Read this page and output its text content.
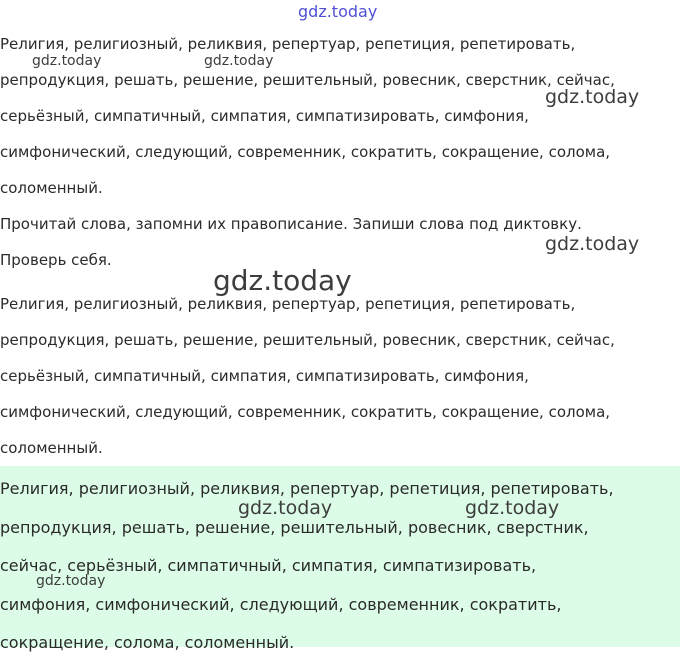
Религия, религиозный, реликвия, репертуар, репетиция, репетировать,
репродукция, решать, решение, решительный, ровесник, сверстник, сейчас,
серьёзный, симпатичный, симпатия, симпатизировать, симфония,
симфонический, следующий, современник, сократить, сокращение, солома,
соломенный.

Прочитай слова, запомни их правописание. Запиши слова под диктовку.
Проверь себя.

Религия, религиозный, реликвия, репертуар, репетиция, репетировать,
репродукция, решать, решение, решительный, ровесник, сверстник, сейчас,
серьёзный, симпатичный, симпатия, симпатизировать, симфония,
симфонический, следующий, современник, сократить, сокращение, солома,
соломенный.

Религия, религиозный, реликвия, репертуар, репетиция, репетировать,
репродукция, решать, решение, решительный, ровесник, сверстник,
сейчас, серьёзный, симпатичный, симпатия, симпатизировать,
симфония, симфонический, следующий, современник, сократить,
сокращение, солома, соломенный.

gdz.today
gdz.today	gdz.today
gdz.today
gdz.today
gdz.today
gdz.today	gdz.today
gdz.today
